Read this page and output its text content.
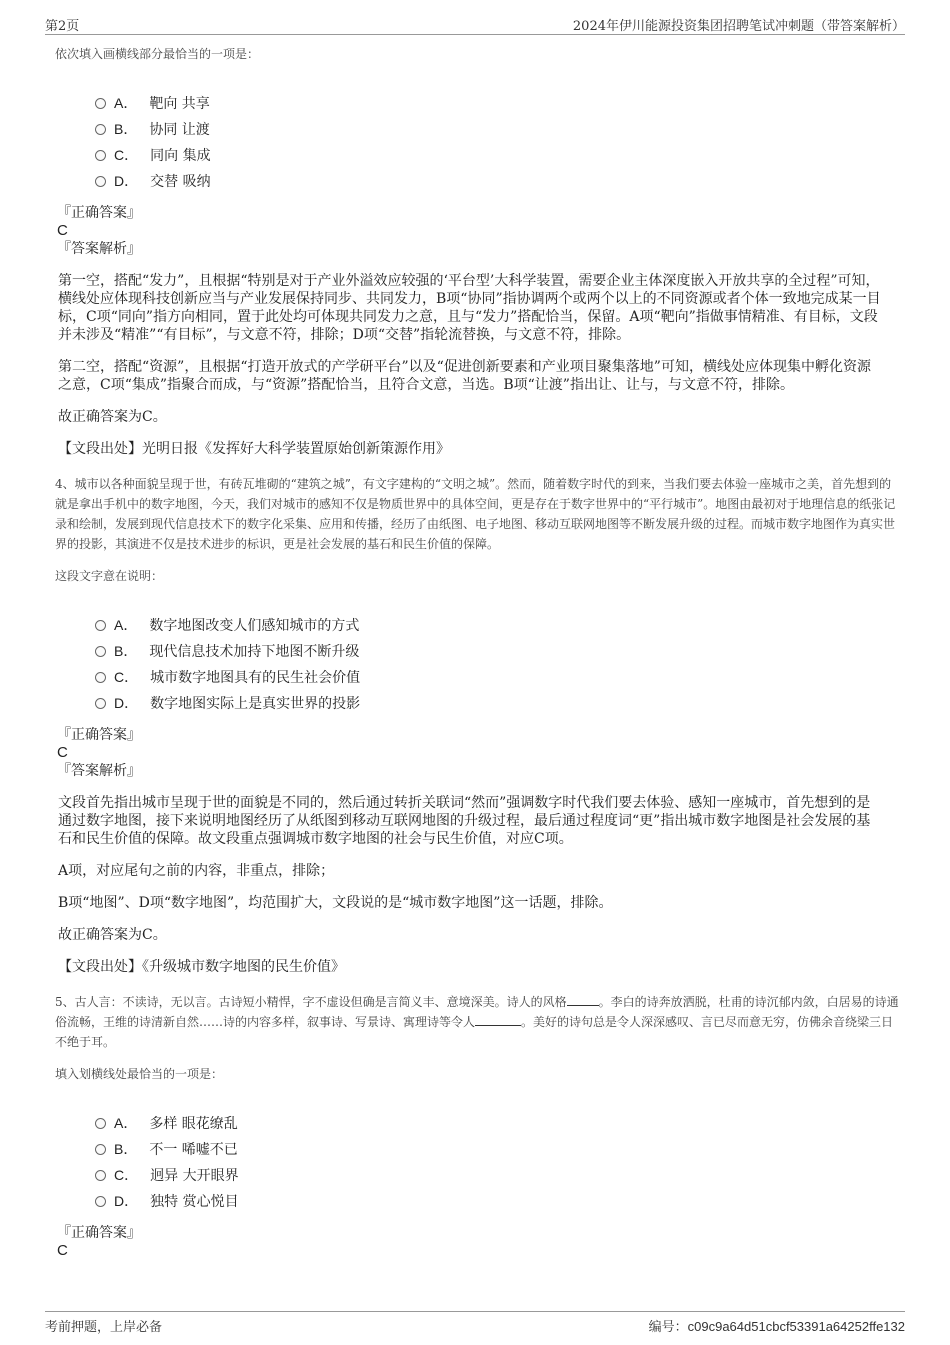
第2页	2024年伊川能源投资集团招聘笔试冲刺题（带答案解析）
依次填入画横线部分最恰当的一项是：
A． 靶向 共享
B． 协同 让渡
C． 同向 集成
D． 交替 吸纳
『正确答案』
C
『答案解析』
第一空，搭配“发力”，且根据“特别是对于产业外溢效应较强的‘平台型’大科学装置，需要企业主体深度嵌入开放共享的全过程”可知，横线处应体现科技创新应当与产业发展保持同步、共同发力，B项“协同”指协调两个或两个以上的不同资源或者个体一致地完成某一目标，C项“同向”指方向相同，置于此处均可体现共同发力之意，且与“发力”搭配恰当，保留。A项“靶向”指做事情精准、有目标，文段并未涉及“精准”“有目标”，与文意不符，排除；D项“交替”指轮流替换，与文意不符，排除。
第二空，搭配“资源”，且根据“打造开放式的产学研平台”以及“促进创新要素和产业项目聚集落地”可知，横线处应体现集中孵化资源之意，C项“集成”指聚合而成，与“资源”搭配恰当，且符合文意，当选。B项“让渡”指出让、让与，与文意不符，排除。
故正确答案为C。
【文段出处】光明日报《发挥好大科学装置原始创新策源作用》
4、城市以各种面貌呈现于世，有砖瓦堆砌的“建筑之城”，有文字建构的“文明之城”。然而，随着数字时代的到来，当我们要去体验一座城市之美，首先想到的就是拿出手机中的数字地图，今天，我们对城市的感知不仅是物质世界中的具体空间，更是存在于数字世界中的“平行城市”。地图由最初对于地理信息的纸张记录和绘制，发展到现代信息技术下的数字化采集、应用和传播，经历了由纸图、电子地图、移动互联网地图等不断发展升级的过程。而城市数字地图作为真实世界的投影，其演进不仅是技术进步的标识，更是社会发展的基石和民生价值的保障。
这段文字意在说明：
A． 数字地图改变人们感知城市的方式
B． 现代信息技术加持下地图不断升级
C． 城市数字地图具有的民生社会价值
D． 数字地图实际上是真实世界的投影
『正确答案』
C
『答案解析』
文段首先指出城市呈现于世的面貌是不同的，然后通过转折关联词“然而”强调数字时代我们要去体验、感知一座城市，首先想到的是通过数字地图，接下来说明地图经历了从纸图到移动互联网地图的升级过程，最后通过程度词“更”指出城市数字地图是社会发展的基石和民生价值的保障。故文段重点强调城市数字地图的社会与民生价值，对应C项。
A项，对应尾句之前的内容，非重点，排除；
B项“地图”、D项“数字地图”，均范围扩大，文段说的是“城市数字地图”这一话题，排除。
故正确答案为C。
【文段出处】《升级城市数字地图的民生价值》
5、古人言：不读诗，无以言。古诗短小精悍，字不虚设但确是言简义丰、意境深美。诗人的风格	。李白的诗奔放洒脱，杜甫的诗沉郁内敛，白居易的诗通俗流畅，王维的诗清新自然……诗的内容多样，叙事诗、写景诗、寓理诗等令人	。美好的诗句总是令人深深感叹、言已尽而意无穷，仿佛余音绕梁三日不绝于耳。
填入划横线处最恰当的一项是：
A． 多样 眼花缭乱
B． 不一 唏嘘不已
C． 迥异 大开眼界
D． 独特 赏心悦目
『正确答案』
C
考前押题，上岸必备	编号：c09c9a64d51cbcf53391a64252ffe132
